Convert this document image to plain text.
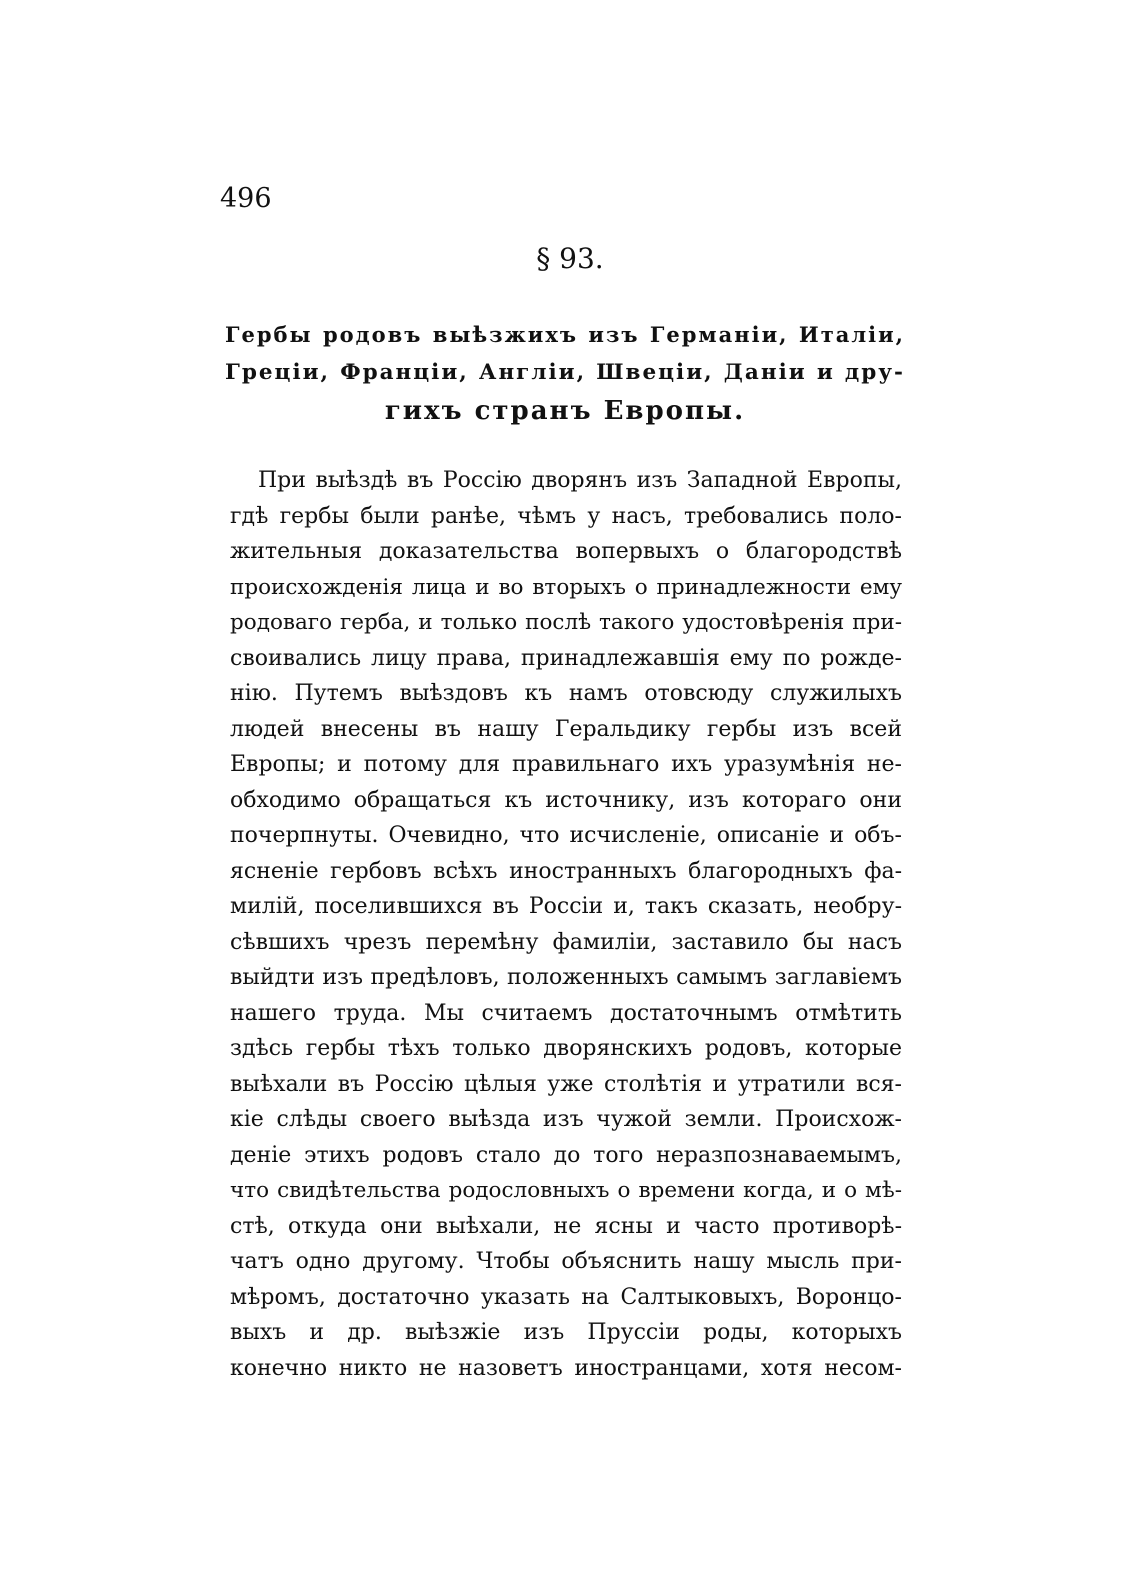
496
§ 93.
Гербы родовъ выѣзжихъ изъ Германіи, Италіи,
Греціи, Франціи, Англіи, Швеціи, Даніи и дру-
гихъ странъ Европы.
При выѣздѣ въ Россію дворянъ изъ Западной Европы,
гдѣ гербы были ранѣе, чѣмъ у насъ, требовались поло-
жительныя доказательства вопервыхъ о благородствѣ
происхожденія лица и во вторыхъ о принадлежности ему
родоваго герба, и только послѣ такого удостовѣренія при-
своивались лицу права, принадлежавшія ему по рожде-
нію. Путемъ выѣздовъ къ намъ отовсюду служилыхъ
людей внесены въ нашу Геральдику гербы изъ всей
Европы; и потому для правильнаго ихъ уразумѣнія не-
обходимо обращаться къ источнику, изъ котораго они
почерпнуты. Очевидно, что исчисленіе, описаніе и объ-
ясненіе гербовъ всѣхъ иностранныхъ благородныхъ фа-
милій, поселившихся въ Россіи и, такъ сказать, необру-
сѣвшихъ чрезъ перемѣну фамиліи, заставило бы насъ
выйдти изъ предѣловъ, положенныхъ самымъ заглавіемъ
нашего труда. Мы считаемъ достаточнымъ отмѣтить
здѣсь гербы тѣхъ только дворянскихъ родовъ, которые
выѣхали въ Россію цѣлыя уже столѣтія и утратили вся-
кіе слѣды своего выѣзда изъ чужой земли. Происхож-
деніе этихъ родовъ стало до того неразпознаваемымъ,
что свидѣтельства родословныхъ о времени когда, и о мѣ-
стѣ, откуда они выѣхали, не ясны и часто противорѣ-
чатъ одно другому. Чтобы объяснить нашу мысль при-
мѣромъ, достаточно указать на Салтыковыхъ, Воронцо-
выхъ и др. выѣзжіе изъ Пруссіи роды, которыхъ
конечно никто не назоветъ иностранцами, хотя несом-
